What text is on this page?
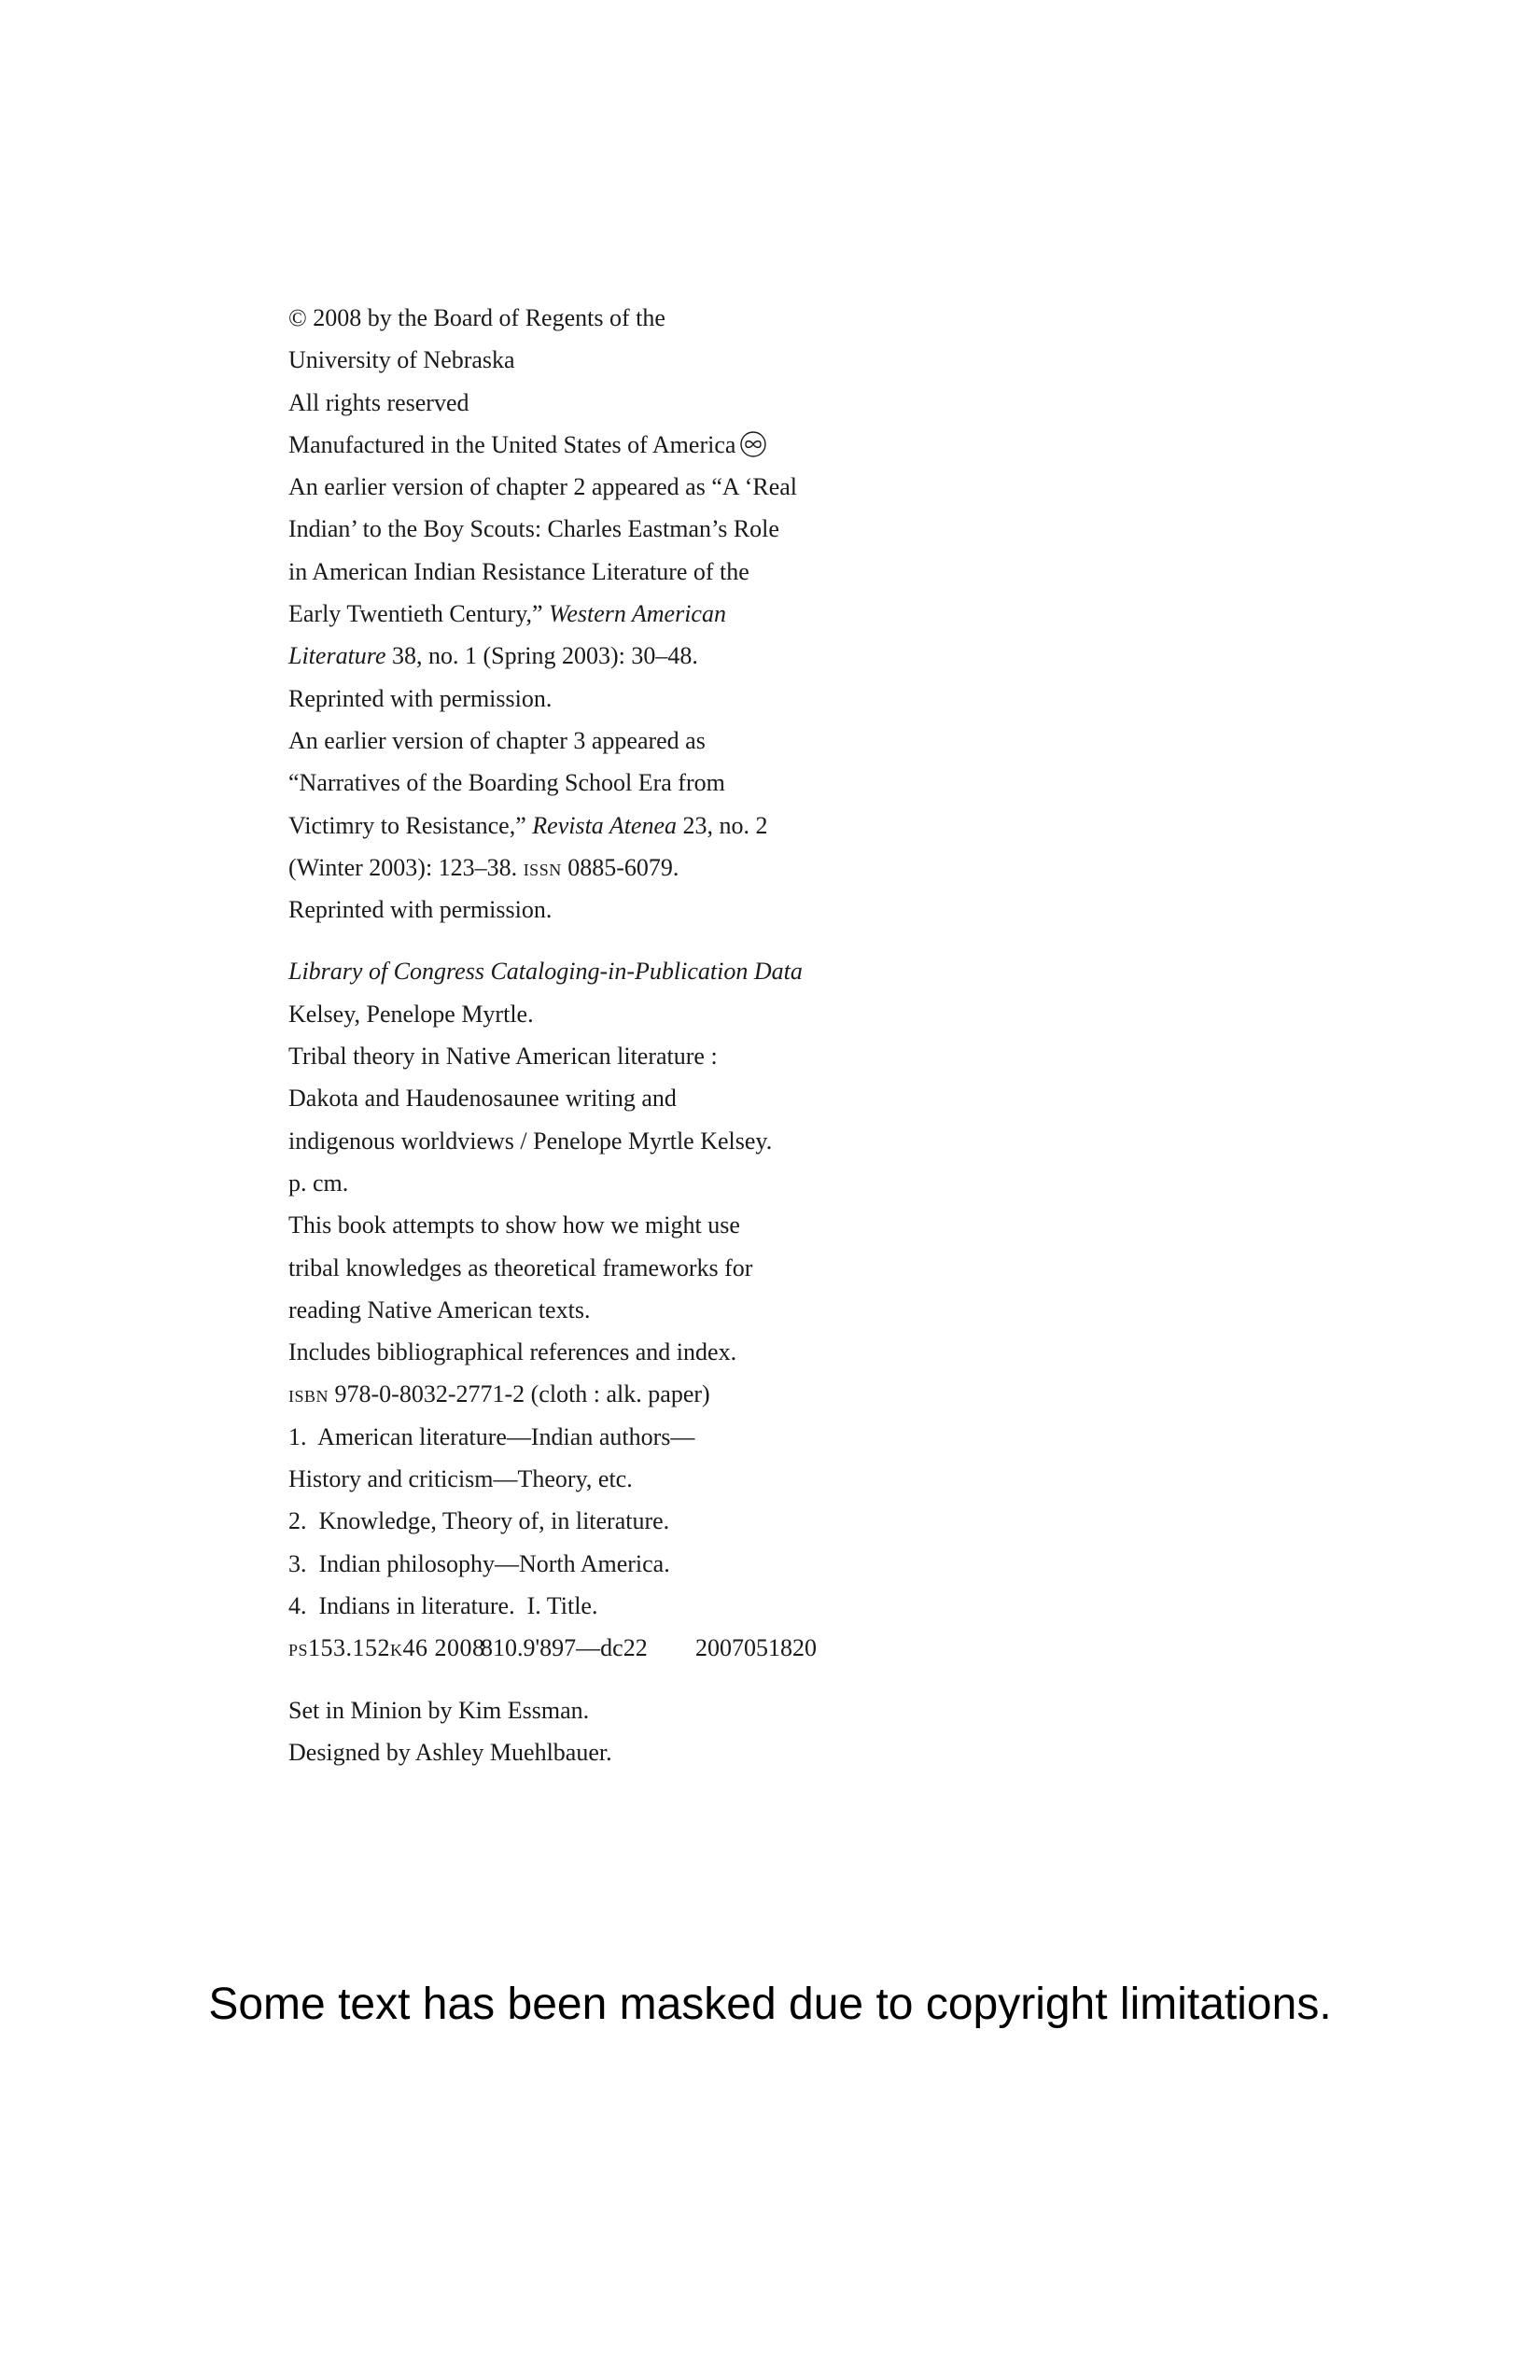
© 2008 by the Board of Regents of the
University of Nebraska
All rights reserved
Manufactured in the United States of America
An earlier version of chapter 2 appeared as “A ‘Real
Indian’ to the Boy Scouts: Charles Eastman’s Role
in American Indian Resistance Literature of the
Early Twentieth Century,” Western American
Literature 38, no. 1 (Spring 2003): 30–48.
Reprinted with permission.
An earlier version of chapter 3 appeared as
“Narratives of the Boarding School Era from
Victimry to Resistance,” Revista Atenea 23, no. 2
(Winter 2003): 123–38. issn 0885-6079.
Reprinted with permission.
Library of Congress Cataloging-in-Publication Data
Kelsey, Penelope Myrtle.
Tribal theory in Native American literature :
Dakota and Haudenosaunee writing and
indigenous worldviews / Penelope Myrtle Kelsey.
p. cm.
This book attempts to show how we might use
tribal knowledges as theoretical frameworks for
reading Native American texts.
Includes bibliographical references and index.
isbn 978-0-8032-2771-2 (cloth : alk. paper)
1.  American literature—Indian authors—
History and criticism—Theory, etc.
2.  Knowledge, Theory of, in literature.
3.  Indian philosophy—North America.
4.  Indians in literature.  I. Title.
ps153.152k46 2008810.9'897—dc22 2007051820
Set in Minion by Kim Essman.
Designed by Ashley Muehlbauer.
Some text has been masked due to copyright limitations.
